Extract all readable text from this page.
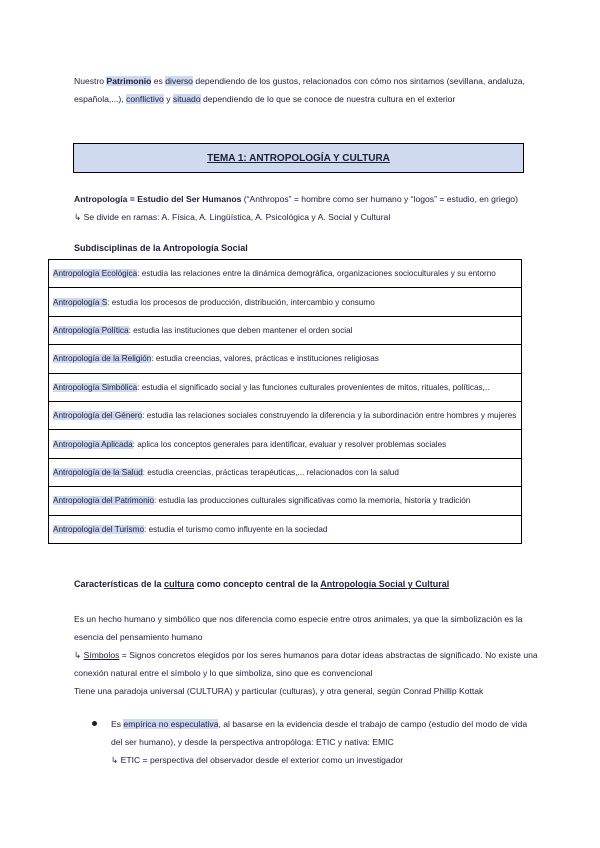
Nuestro Patrimonio es diverso dependiendo de los gustos, relacionados con cómo nos sintamos (sevillana, andaluza, española,...), conflictivo y situado dependiendo de lo que se conoce de nuestra cultura en el exterior
TEMA 1: ANTROPOLOGÍA Y CULTURA
Antropología = Estudio del Ser Humanos (“Anthropos” = hombre como ser humano y “logos” = estudio, en griego)
↳ Se divide en ramas: A. Física, A. Lingüística, A. Psicológica y A. Social y Cultural
Subdisciplinas de la Antropología Social
Antropología Ecológica: estudia las relaciones entre la dinámica demográfica, organizaciones socioculturales y su entorno
Antropología S: estudia los procesos de producción, distribución, intercambio y consumo
Antropología Política: estudia las instituciones que deben mantener el orden social
Antropología de la Religión: estudia creencias, valores, prácticas e instituciones religiosas
Antropología Simbólica: estudia el significado social y las funciones culturales provenientes de mitos, rituales, políticas,..
Antropología del Género: estudia las relaciones sociales construyendo la diferencia y la subordinación entre hombres y mujeres
Antropología Aplicada: aplica los conceptos generales para identificar, evaluar y resolver problemas sociales
Antropología de la Salud: estudia creencias, prácticas terapéuticas,... relacionados con la salud
Antropología del Patrimonio: estudia las producciones culturales significativas como la memoria, historia y tradición
Antropología del Turismo: estudia el turismo como influyente en la sociedad
Características de la cultura como concepto central de la Antropología Social y Cultural
Es un hecho humano y simbólico que nos diferencia como especie entre otros animales, ya que la simbolización es la esencia del pensamiento humano
↳ Símbolos = Signos concretos elegidos por los seres humanos para dotar ideas abstractas de significado. No existe una conexión natural entre el símbolo y lo que simboliza, sino que es convencional
Tiene una paradoja universal (CULTURA) y particular (culturas), y otra general, según Conrad Phillip Kottak
Es empírica no especulativa, al basarse en la evidencia desde el trabajo de campo (estudio del modo de vida del ser humano), y desde la perspectiva antropóloga: ETIC y nativa: EMIC
↳ ETIC = perspectiva del observador desde el exterior como un investigador
